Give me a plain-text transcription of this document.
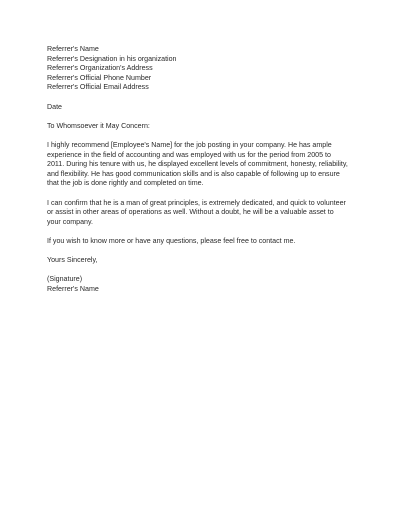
Referrer's Name
Referrer's Designation in his organization
Referrer's Organization's Address
Referrer's Official Phone Number
Referrer's Official Email Address
Date
To Whomsoever it May Concern:
I highly recommend [Employee's Name] for the job posting in your company. He has ample
experience in the field of accounting and was employed with us for the period from 2005 to
2011. During his tenure with us, he displayed excellent levels of commitment, honesty, reliability,
and flexibility. He has good communication skills and is also capable of following up to ensure
that the job is done rightly and completed on time.
I can confirm that he is a man of great principles, is extremely dedicated, and quick to volunteer
or assist in other areas of operations as well. Without a doubt, he will be a valuable asset to
your company.
If you wish to know more or have any questions, please feel free to contact me.
Yours Sincerely,
(Signature)
Referrer's Name
